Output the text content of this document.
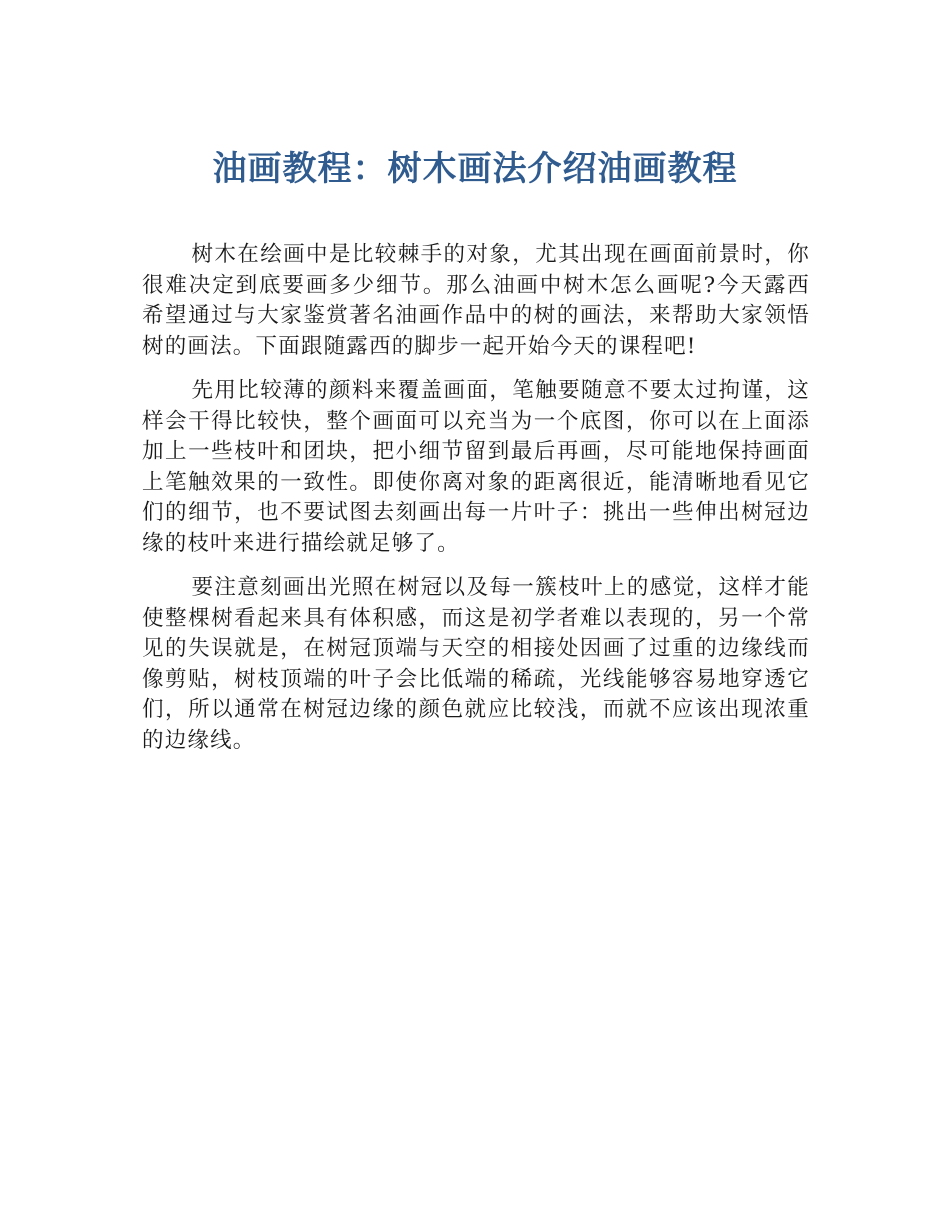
油画教程：树木画法介绍油画教程

树木在绘画中是比较棘手的对象，尤其出现在画面前景时，你很难决定到底要画多少细节。那么油画中树木怎么画呢?今天露西希望通过与大家鉴赏著名油画作品中的树的画法，来帮助大家领悟树的画法。下面跟随露西的脚步一起开始今天的课程吧!

先用比较薄的颜料来覆盖画面，笔触要随意不要太过拘谨，这样会干得比较快，整个画面可以充当为一个底图，你可以在上面添加上一些枝叶和团块，把小细节留到最后再画，尽可能地保持画面上笔触效果的一致性。即使你离对象的距离很近，能清晰地看见它们的细节，也不要试图去刻画出每一片叶子：挑出一些伸出树冠边缘的枝叶来进行描绘就足够了。

要注意刻画出光照在树冠以及每一簇枝叶上的感觉，这样才能使整棵树看起来具有体积感，而这是初学者难以表现的，另一个常见的失误就是，在树冠顶端与天空的相接处因画了过重的边缘线而像剪贴，树枝顶端的叶子会比低端的稀疏，光线能够容易地穿透它们，所以通常在树冠边缘的颜色就应比较浅，而就不应该出现浓重的边缘线。
